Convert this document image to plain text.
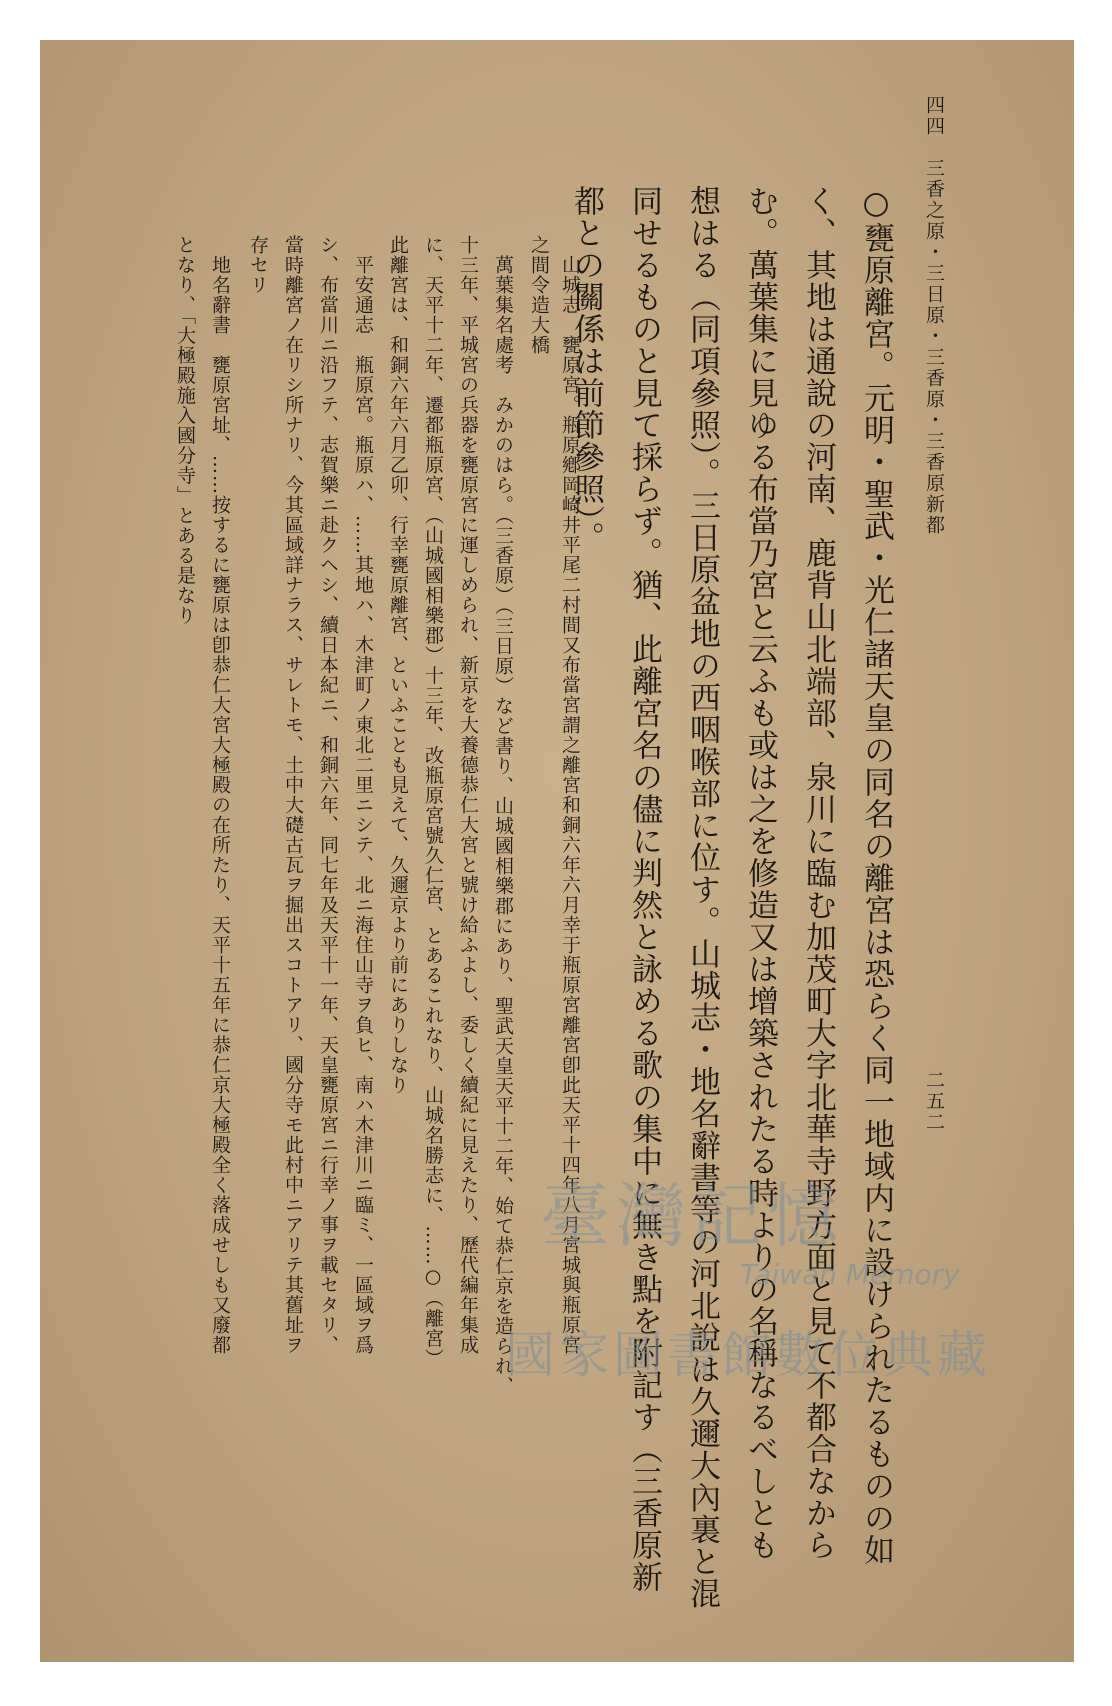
四四　三香之原・三日原・三香原・三香原新都
二五二
○甕原離宮。元明・聖武・光仁諸天皇の同名の離宮は恐らく同一地域内に設けられたるものの如
く、其地は通說の河南、鹿背山北端部、泉川に臨む加茂町大字北華寺野方面と見て不都合なから
む。萬葉集に見ゆる布當乃宮と云ふも或は之を修造又は增築されたる時よりの名稱なるべしとも
想はる（同項參照）。三日原盆地の西咽喉部に位す。山城志・地名辭書等の河北說は久邇大內裏と混
同せるものと見て採らず。猶、此離宮名の儘に判然と詠める歌の集中に無き點を附記す（三香原新
都との關係は前節參照）。
山城志　甕原宮。瓶原鄕岡崎井平尾二村間又布當宮謂之離宮和銅六年六月幸于瓶原宮離宮卽此天平十四年八月宮城與瓶原宮
之間令造大橋
萬葉集名處考　みかのはら。（三香原）（三日原）など書り、山城國相樂郡にあり、聖武天皇天平十二年、始て恭仁京を造られ、
十三年、平城宮の兵器を甕原宮に運しめられ、新京を大養德恭仁大宮と號け給ふよし、委しく續紀に見えたり、歷代編年集成
に、天平十二年、遷都瓶原宮、（山城國相樂郡）十三年、改瓶原宮號久仁宮、とあるこれなり、山城名勝志に、……○（離宮）
此離宮は、和銅六年六月乙卯、行幸甕原離宮、といふことも見えて、久邇京より前にありしなり
平安通志　瓶原宮。瓶原ハ、……其地ハ、木津町ノ東北二里ニシテ、北ニ海住山寺ヲ負ヒ、南ハ木津川ニ臨ミ、一區域ヲ爲
シ、布當川ニ沿フテ、志賀樂ニ赴クヘシ、續日本紀ニ、和銅六年、同七年及天平十一年、天皇甕原宮ニ行幸ノ事ヲ載セタリ、
當時離宮ノ在リシ所ナリ、今其區域詳ナラス、サレトモ、土中大礎古瓦ヲ掘出スコトアリ、國分寺モ此村中ニアリテ其舊址ヲ
存セリ
地名辭書　甕原宮址、……按するに甕原は卽恭仁大宮大極殿の在所たり、天平十五年に恭仁京大極殿全く落成せしも又廢都
となり、「大極殿施入國分寺」とある是なり
臺灣記憶
Taiwan Memory
國家圖書館數位典藏
